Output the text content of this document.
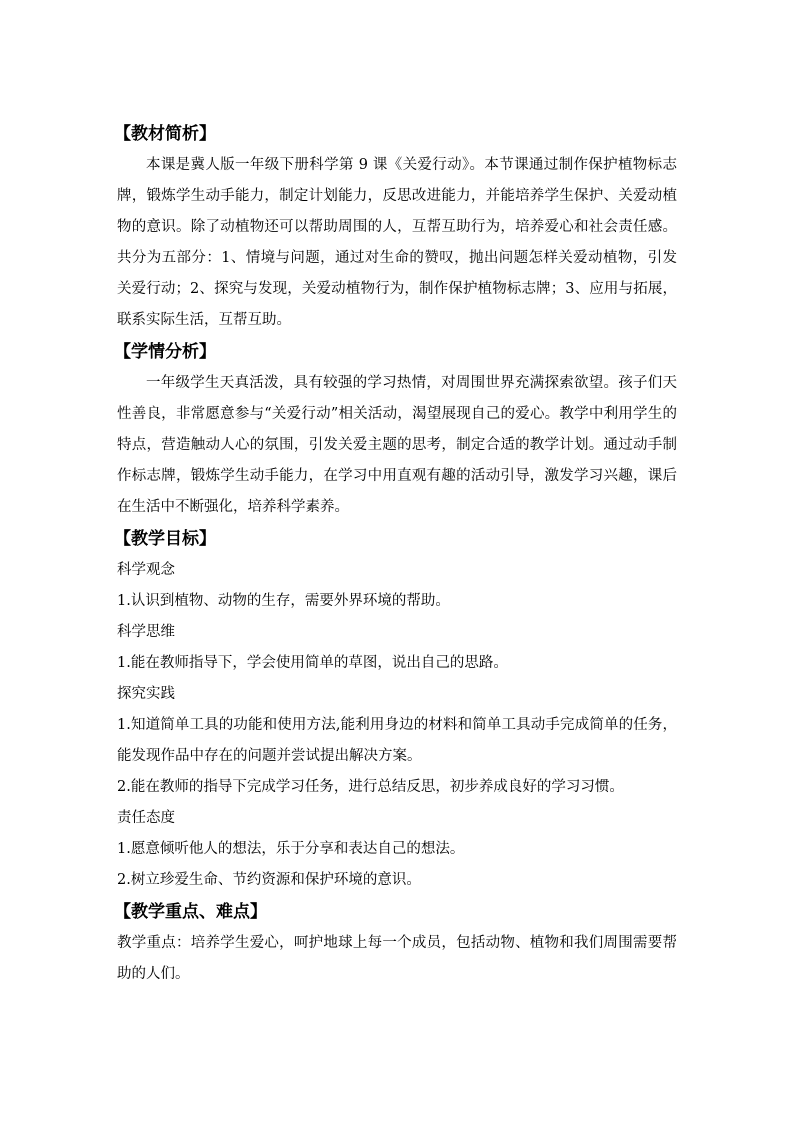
【教材简析】

本课是冀人版一年级下册科学第 9 课《关爱行动》。本节课通过制作保护植物标志牌，锻炼学生动手能力，制定计划能力，反思改进能力，并能培养学生保护、关爱动植物的意识。除了动植物还可以帮助周围的人，互帮互助行为，培养爱心和社会责任感。共分为五部分：1、情境与问题，通过对生命的赞叹，抛出问题怎样关爱动植物，引发关爱行动；2、探究与发现，关爱动植物行为，制作保护植物标志牌；3、应用与拓展，联系实际生活，互帮互助。

【学情分析】

一年级学生天真活泼，具有较强的学习热情，对周围世界充满探索欲望。孩子们天性善良，非常愿意参与“关爱行动”相关活动，渴望展现自己的爱心。教学中利用学生的特点，营造触动人心的氛围，引发关爱主题的思考，制定合适的教学计划。通过动手制作标志牌，锻炼学生动手能力，在学习中用直观有趣的活动引导，激发学习兴趣，课后在生活中不断强化，培养科学素养。

【教学目标】

科学观念

1.认识到植物、动物的生存，需要外界环境的帮助。

科学思维

1.能在教师指导下，学会使用简单的草图，说出自己的思路。

探究实践

1.知道简单工具的功能和使用方法,能利用身边的材料和简单工具动手完成简单的任务，能发现作品中存在的问题并尝试提出解决方案。

2.能在教师的指导下完成学习任务，进行总结反思，初步养成良好的学习习惯。

责任态度

1.愿意倾听他人的想法，乐于分享和表达自己的想法。

2.树立珍爱生命、节约资源和保护环境的意识。

【教学重点、难点】

教学重点：培养学生爱心，呵护地球上每一个成员，包括动物、植物和我们周围需要帮助的人们。
